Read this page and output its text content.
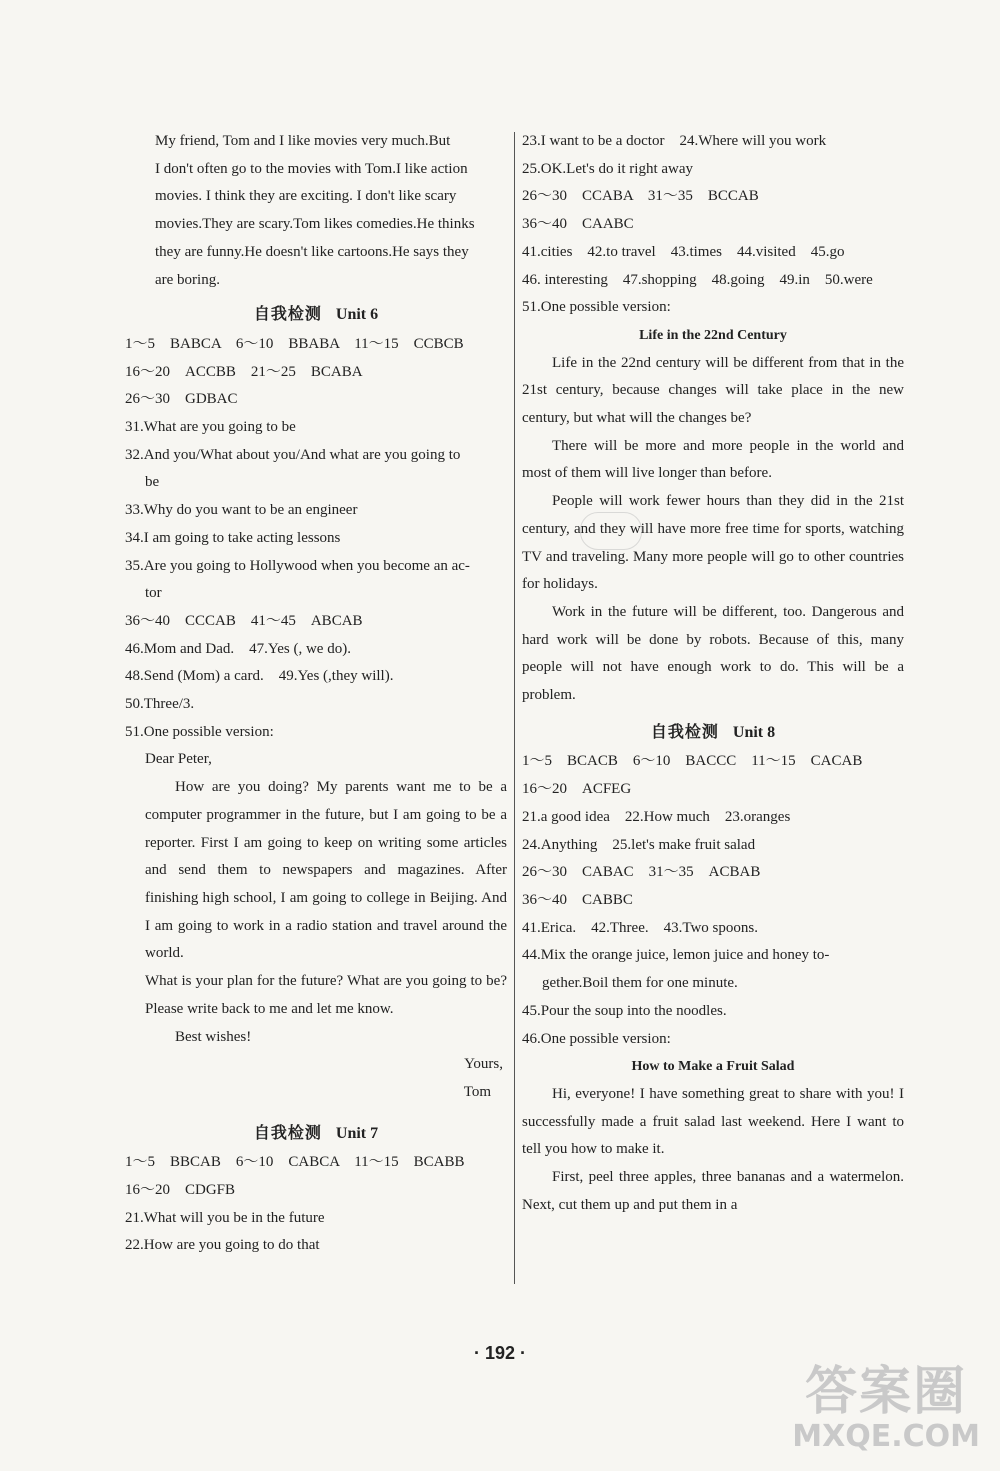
My friend, Tom and I like movies very much.But
I don't often go to the movies with Tom.I like action
movies. I think they are exciting. I don't like scary
movies.They are scary.Tom likes comedies.He thinks
they are funny.He doesn't like cartoons.He says they
are boring.
自我检测 Unit 6
1～5　BABCA　6～10　BBABA　11～15　CCBCB
16～20　ACCBB　21～25　BCABA
26～30　GDBAC
31.What are you going to be
32.And you/What about you/And what are you going to
be
33.Why do you want to be an engineer
34.I am going to take acting lessons
35.Are you going to Hollywood when you become an ac-
tor
36～40　CCCAB　41～45　ABCAB
46.Mom and Dad.　47.Yes (, we do).
48.Send (Mom) a card.　49.Yes (,they will).
50.Three/3.
51.One possible version:
Dear Peter,
How are you doing? My parents want me to be a computer programmer in the future, but I am going to be a reporter. First I am going to keep on writing some articles and send them to newspapers and magazines. After finishing high school, I am going to college in Beijing. And I am going to work in a radio station and travel around the world.
What is your plan for the future? What are you going to be? Please write back to me and let me know.
Best wishes!
Yours,
Tom
自我检测 Unit 7
1～5　BBCAB　6～10　CABCA　11～15　BCABB
16～20　CDGFB
21.What will you be in the future
22.How are you going to do that
23.I want to be a doctor　24.Where will you work
25.OK.Let's do it right away
26～30　CCABA　31～35　BCCAB
36～40　CAABC
41.cities　42.to travel　43.times　44.visited　45.go
46. interesting　47.shopping　48.going　49.in　50.were
51.One possible version:
Life in the 22nd Century
Life in the 22nd century will be different from that in the 21st century, because changes will take place in the new century, but what will the changes be?
There will be more and more people in the world and most of them will live longer than before.
People will work fewer hours than they did in the 21st century, and they will have more free time for sports, watching TV and traveling. Many more people will go to other countries for holidays.
Work in the future will be different, too. Dangerous and hard work will be done by robots. Because of this, many people will not have enough work to do. This will be a problem.
自我检测 Unit 8
1～5　BCACB　6～10　BACCC　11～15　CACAB
16～20　ACFEG
21.a good idea　22.How much　23.oranges
24.Anything　25.let's make fruit salad
26～30　CABAC　31～35　ACBAB
36～40　CABBC
41.Erica.　42.Three.　43.Two spoons.
44.Mix the orange juice, lemon juice and honey to-
gether.Boil them for one minute.
45.Pour the soup into the noodles.
46.One possible version:
How to Make a Fruit Salad
Hi, everyone! I have something great to share with you! I successfully made a fruit salad last weekend. Here I want to tell you how to make it.
First, peel three apples, three bananas and a watermelon. Next, cut them up and put them in a
· 192 ·
答案圈
MXQE.COM
